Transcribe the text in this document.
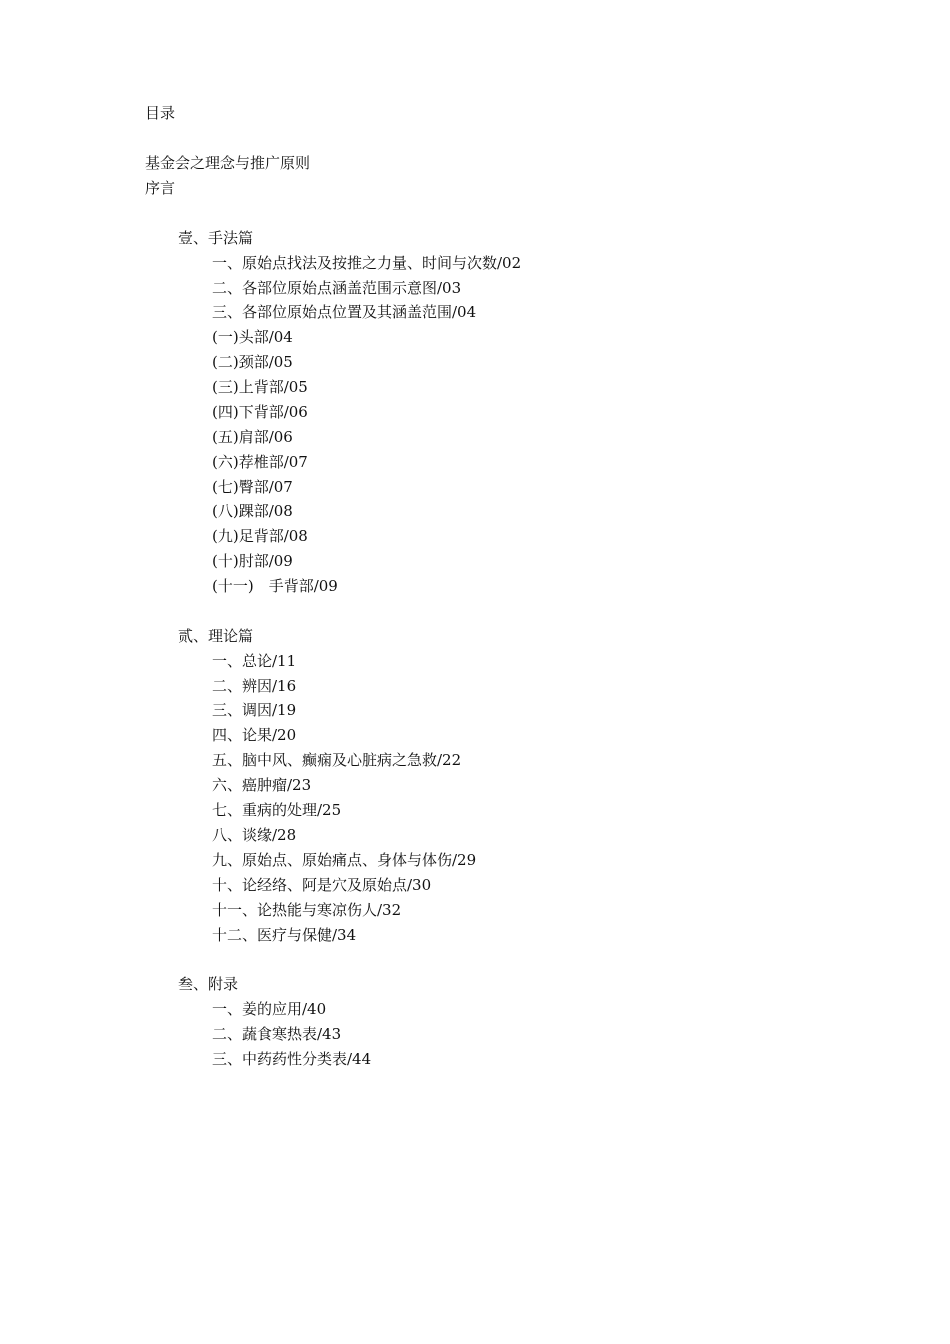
目录
基金会之理念与推广原则
序言
壹、手法篇
一、原始点找法及按推之力量、时间与次数/02
二、各部位原始点涵盖范围示意图/03
三、各部位原始点位置及其涵盖范围/04
(一)头部/04
(二)颈部/05
(三)上背部/05
(四)下背部/06
(五)肩部/06
(六)荐椎部/07
(七)臀部/07
(八)踝部/08
(九)足背部/08
(十)肘部/09
(十一)　手背部/09
贰、理论篇
一、总论/11
二、辨因/16
三、调因/19
四、论果/20
五、脑中风、癫痫及心脏病之急救/22
六、癌肿瘤/23
七、重病的处理/25
八、谈缘/28
九、原始点、原始痛点、身体与体伤/29
十、论经络、阿是穴及原始点/30
十一、论热能与寒凉伤人/32
十二、医疗与保健/34
叁、附录
一、姜的应用/40
二、蔬食寒热表/43
三、中药药性分类表/44
